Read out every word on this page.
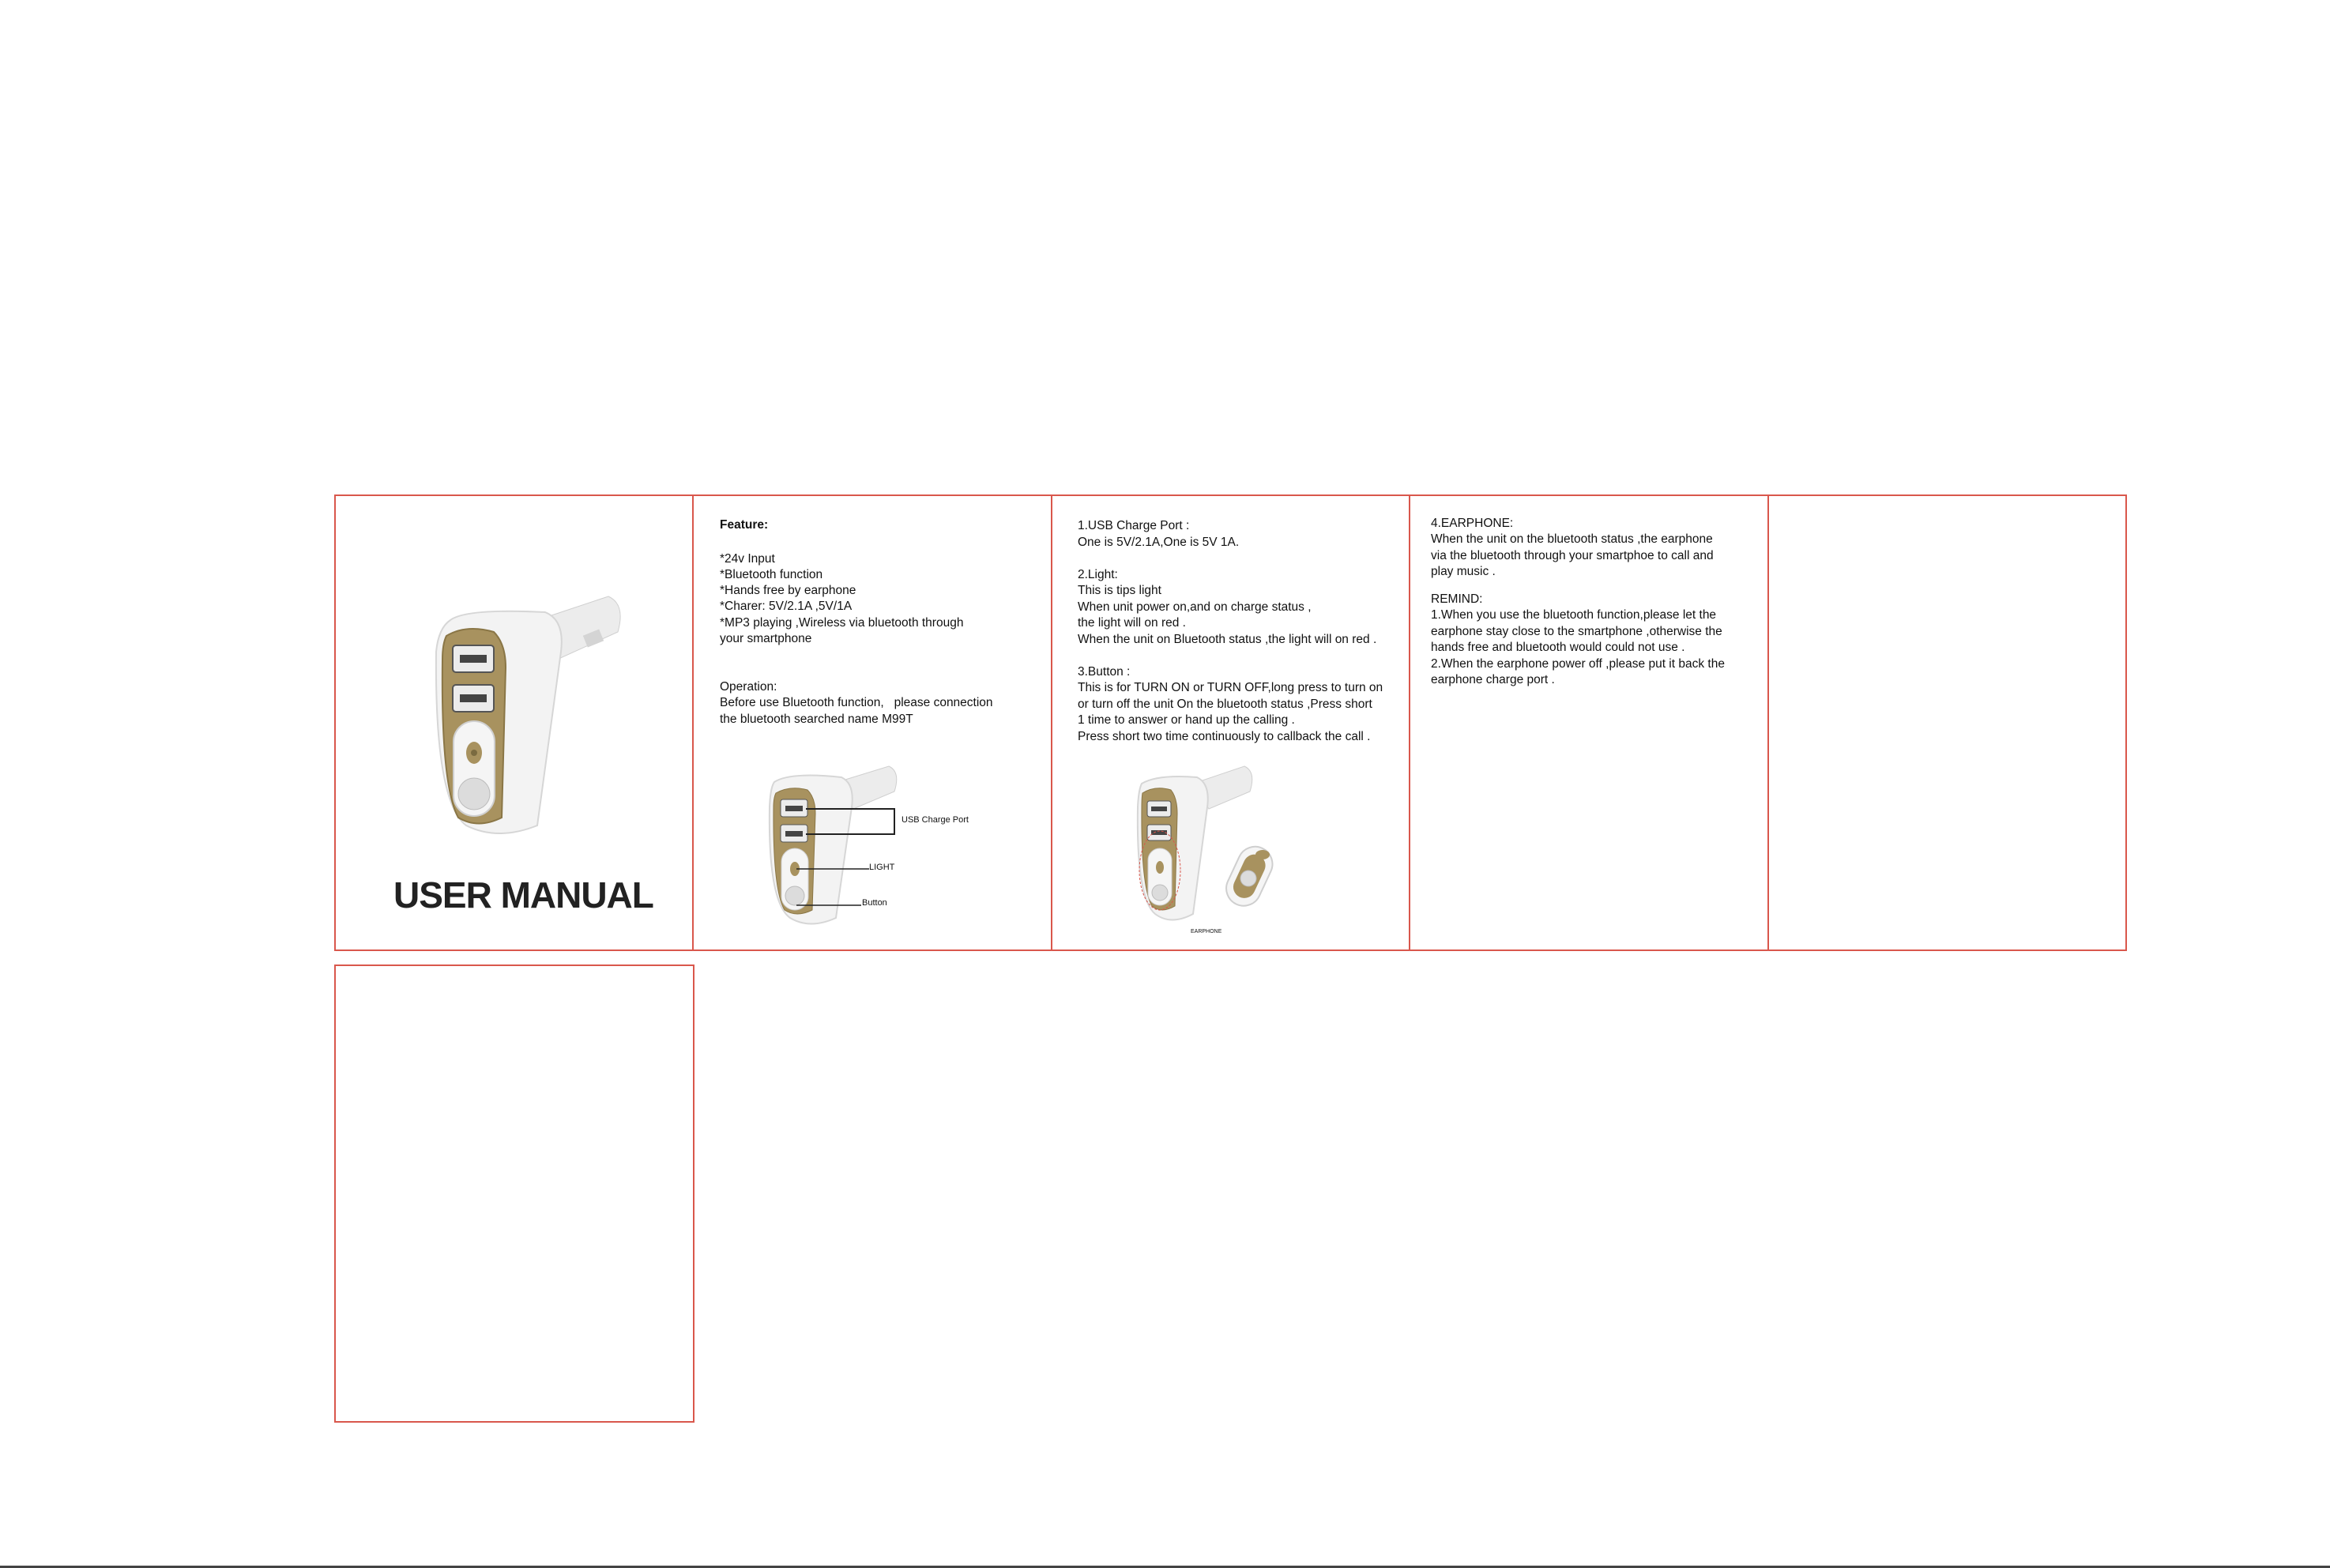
USER MANUAL
Feature:
*24v Input
*Bluetooth function
*Hands free by earphone
*Charer: 5V/2.1A ,5V/1A
*MP3 playing ,Wireless via bluetooth through
your smartphone
Operation:
Before use Bluetooth function,   please connection
the bluetooth searched name M99T
USB Charge Port
LIGHT
Button
1.USB Charge Port :
One is 5V/2.1A,One is 5V 1A.
2.Light:
This is tips light
When unit power on,and on charge status ,
the light will on red .
When the unit on Bluetooth status ,the light will on red .
3.Button :
This is for TURN ON or TURN OFF,long press to turn on
or turn off the unit On the bluetooth status ,Press short
1 time to answer or hand up the calling .
Press short two time continuously to callback the call .
EARPHONE
4.EARPHONE:
When the unit on the bluetooth status ,the earphone
via the bluetooth through your smartphoe to call and
play music .
REMIND:
1.When you use the bluetooth function,please let the
earphone stay close to the smartphone ,otherwise the
hands free and bluetooth would could not use .
2.When the earphone power off ,please put it back the
earphone charge port .
